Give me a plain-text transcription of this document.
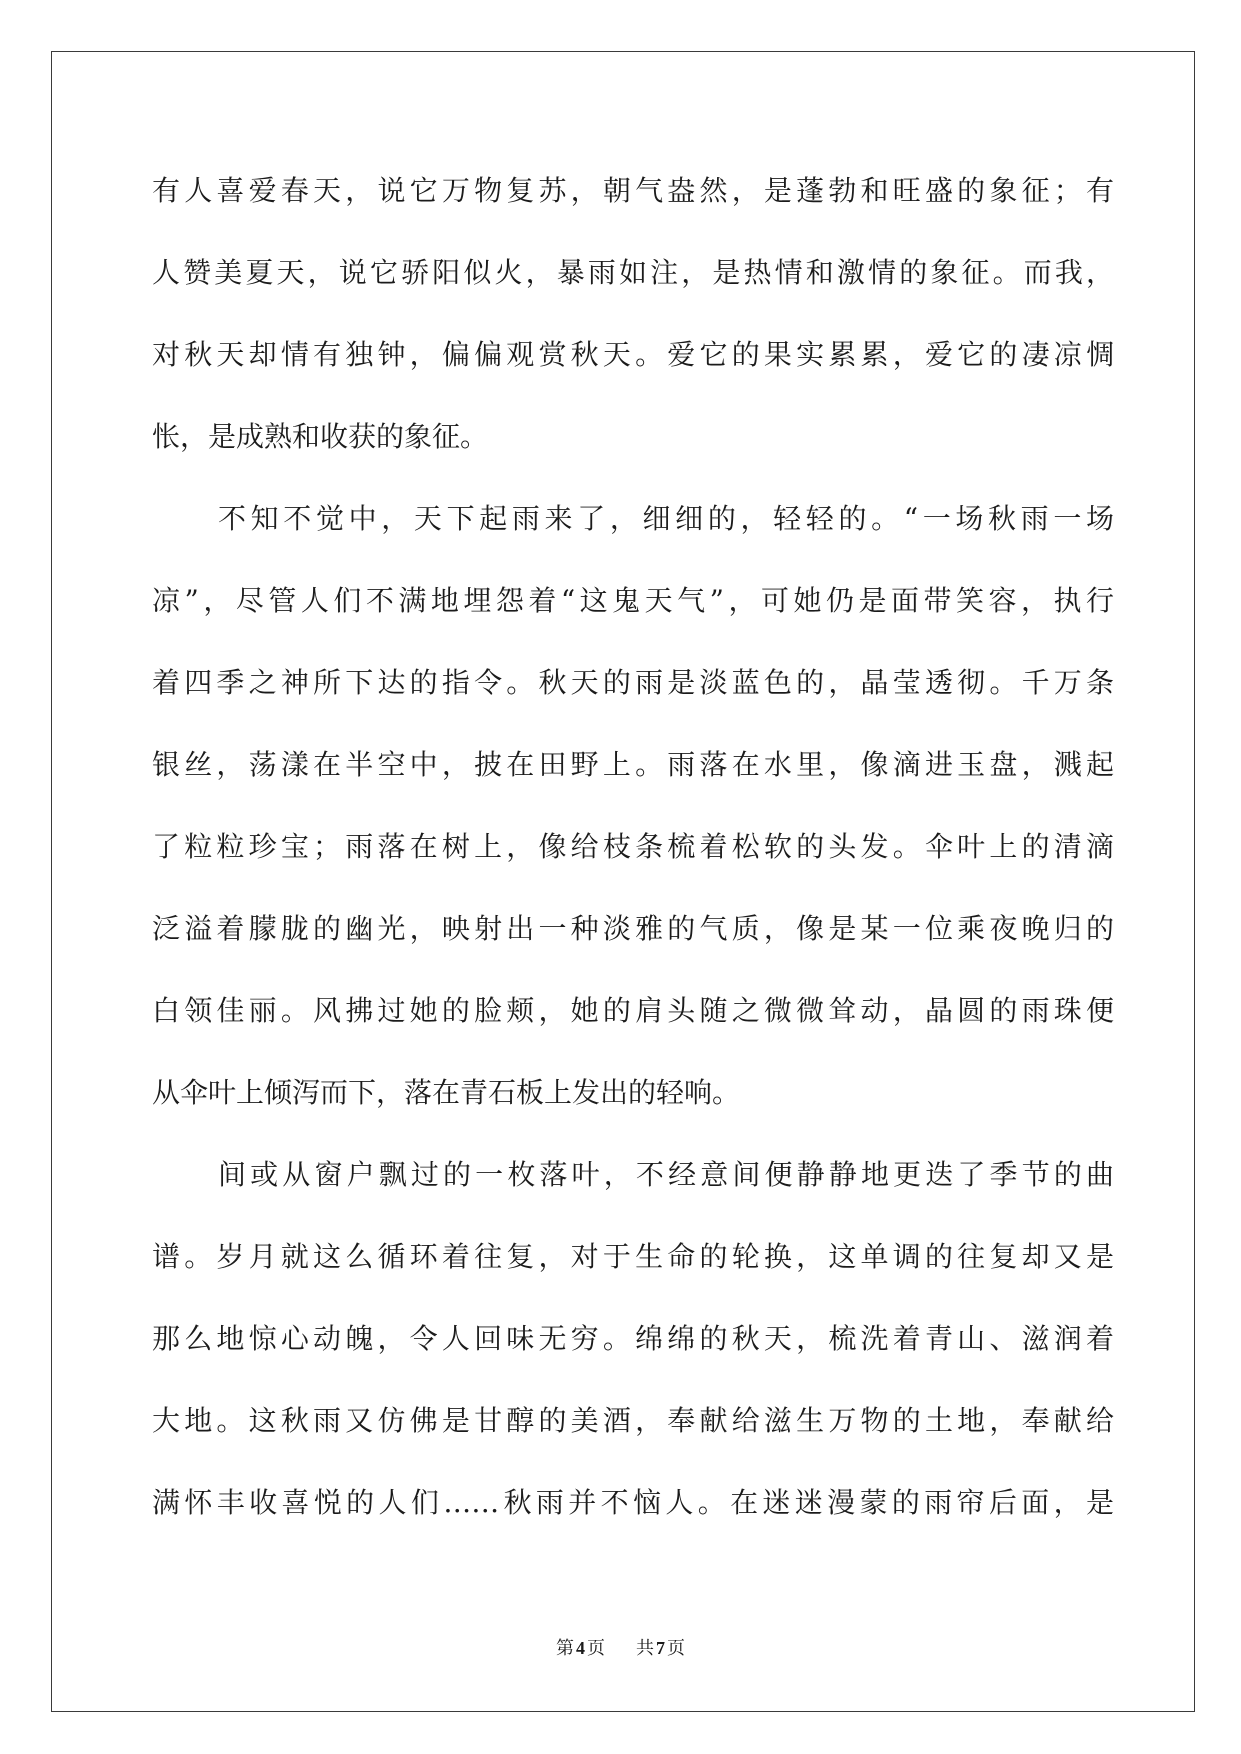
有人喜爱春天，说它万物复苏，朝气盎然，是蓬勃和旺盛的象征；有
人赞美夏天，说它骄阳似火，暴雨如注，是热情和激情的象征。而我，
对秋天却情有独钟，偏偏观赏秋天。爱它的果实累累，爱它的凄凉惆
怅，是成熟和收获的象征。
不知不觉中，天下起雨来了，细细的，轻轻的。“一场秋雨一场
凉”，尽管人们不满地埋怨着“这鬼天气”，可她仍是面带笑容，执行
着四季之神所下达的指令。秋天的雨是淡蓝色的，晶莹透彻。千万条
银丝，荡漾在半空中，披在田野上。雨落在水里，像滴进玉盘，溅起
了粒粒珍宝；雨落在树上，像给枝条梳着松软的头发。伞叶上的清滴
泛溢着朦胧的幽光，映射出一种淡雅的气质，像是某一位乘夜晚归的
白领佳丽。风拂过她的脸颊，她的肩头随之微微耸动，晶圆的雨珠便
从伞叶上倾泻而下，落在青石板上发出的轻响。
间或从窗户飘过的一枚落叶，不经意间便静静地更迭了季节的曲
谱。岁月就这么循环着往复，对于生命的轮换，这单调的往复却又是
那么地惊心动魄，令人回味无穷。绵绵的秋天，梳洗着青山、滋润着
大地。这秋雨又仿佛是甘醇的美酒，奉献给滋生万物的土地，奉献给
满怀丰收喜悦的人们……秋雨并不恼人。在迷迷漫蒙的雨帘后面，是
第 4 页 共 7 页
